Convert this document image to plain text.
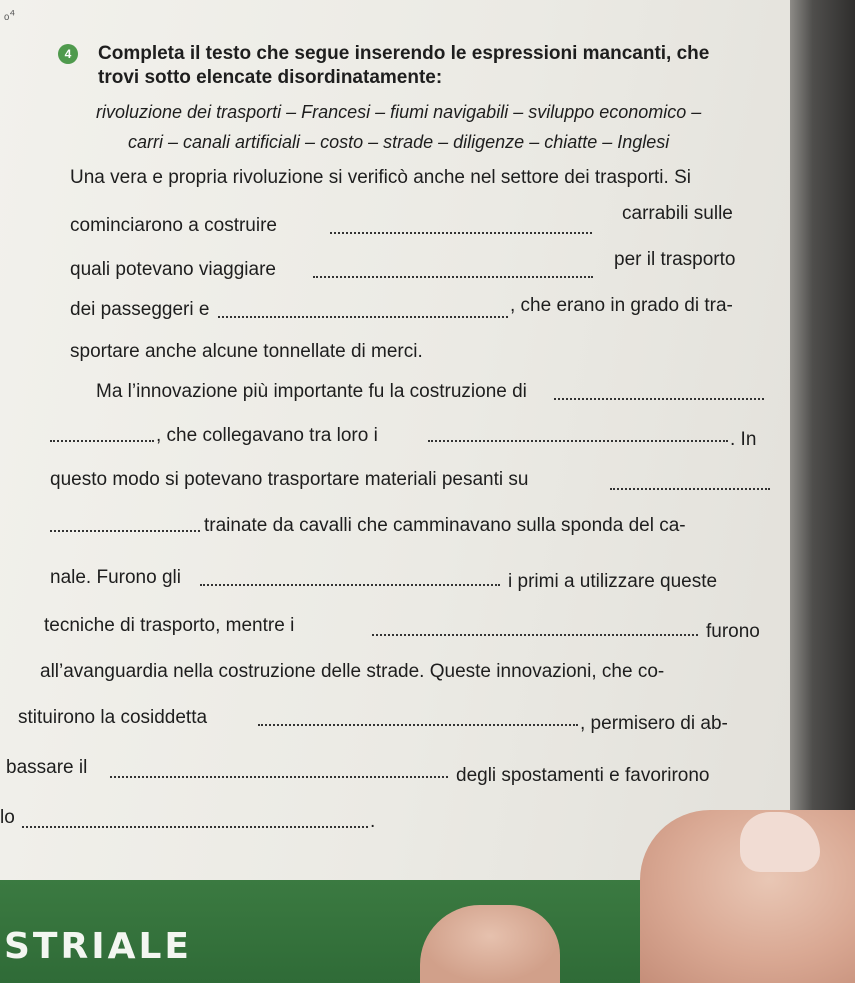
STRIALE
ₒ͏⁴
4	Completa il testo che segue inserendo le espressioni mancanti, che
trovi sotto elencate disordinatamente:
rivoluzione dei trasporti – Francesi – fiumi navigabili – sviluppo economico –
carri – canali artificiali – costo – strade – diligenze – chiatte – Inglesi
Una vera e propria rivoluzione si verificò anche nel settore dei trasporti. Si
cominciarono a costruire
carrabili sulle
quali potevano viaggiare	per il trasporto
dei passeggeri e	, che erano in grado di tra-
sportare anche alcune tonnellate di merci.
Ma l’innovazione più importante fu la costruzione di
, che collegavano tra loro i	. In
questo modo si potevano trasportare materiali pesanti su
trainate da cavalli che camminavano sulla sponda del ca-
nale. Furono gli	i primi a utilizzare queste
tecniche di trasporto, mentre i	furono
all’avanguardia nella costruzione delle strade. Queste innovazioni, che co-
stituirono la cosiddetta	, permisero di ab-
bassare il	degli spostamenti e favorirono
lo	.
